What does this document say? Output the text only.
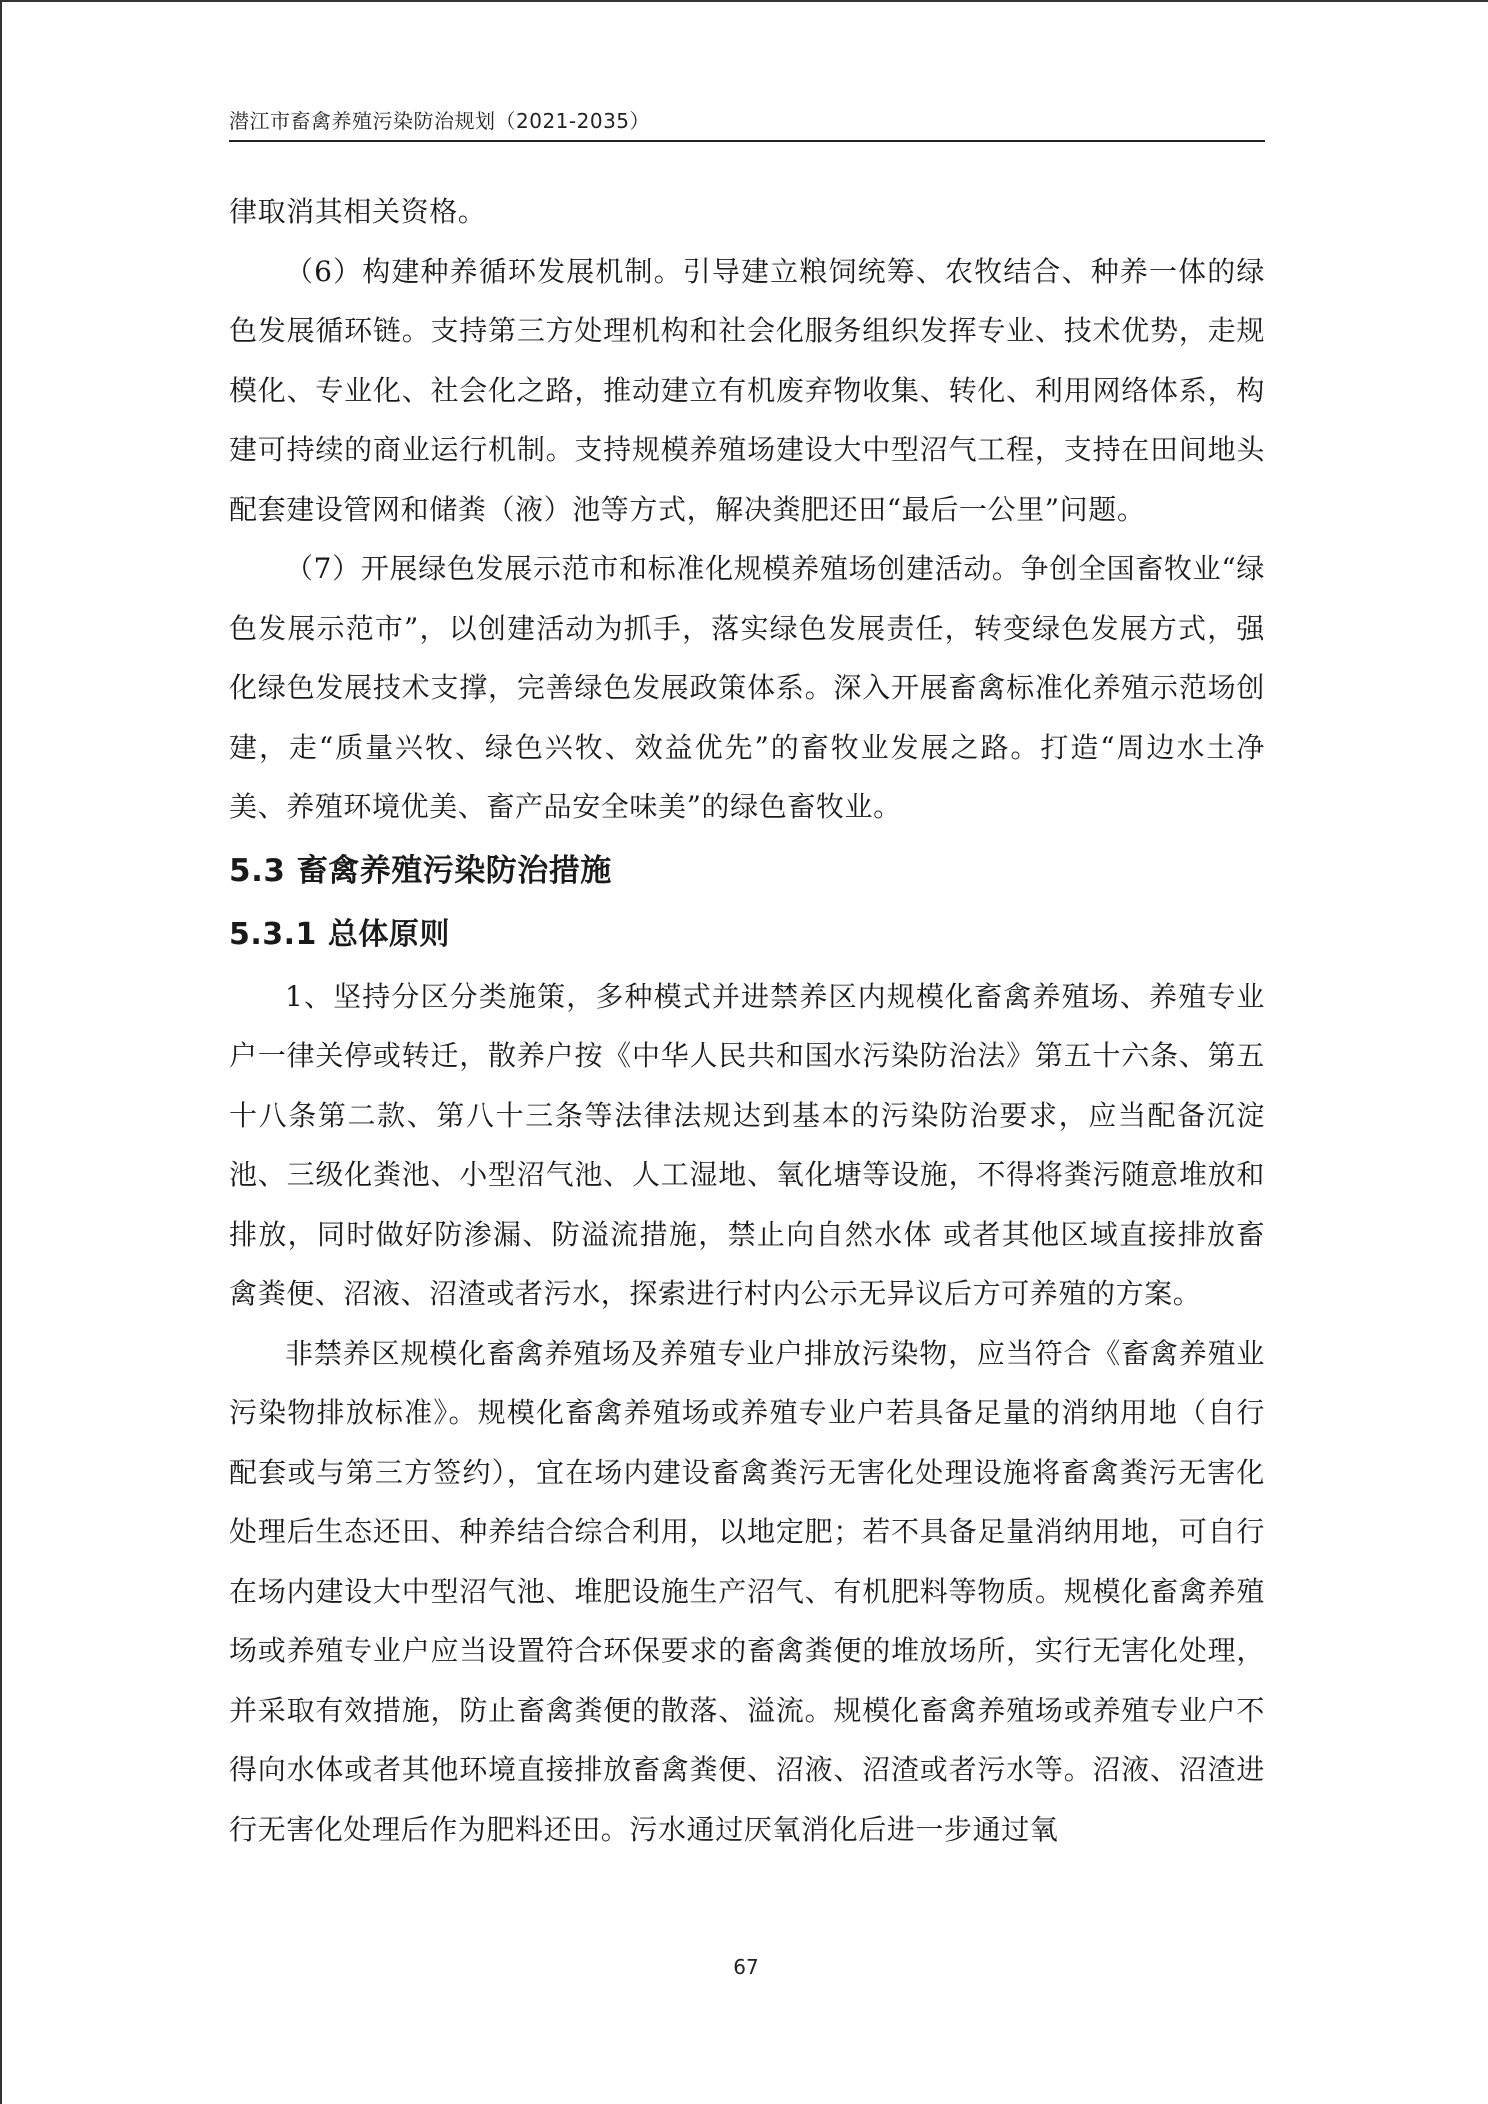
潜江市畜禽养殖污染防治规划（2021-2035）

律取消其相关资格。

（6）构建种养循环发展机制。引导建立粮饲统筹、农牧结合、种养一体的绿色发展循环链。支持第三方处理机构和社会化服务组织发挥专业、技术优势，走规模化、专业化、社会化之路，推动建立有机废弃物收集、转化、利用网络体系，构建可持续的商业运行机制。支持规模养殖场建设大中型沼气工程，支持在田间地头配套建设管网和储粪（液）池等方式，解决粪肥还田“最后一公里”问题。

（7）开展绿色发展示范市和标准化规模养殖场创建活动。争创全国畜牧业“绿色发展示范市”，以创建活动为抓手，落实绿色发展责任，转变绿色发展方式，强化绿色发展技术支撑，完善绿色发展政策体系。深入开展畜禽标准化养殖示范场创建，走“质量兴牧、绿色兴牧、效益优先”的畜牧业发展之路。打造“周边水土净美、养殖环境优美、畜产品安全味美”的绿色畜牧业。

5.3 畜禽养殖污染防治措施
5.3.1 总体原则

1、坚持分区分类施策，多种模式并进禁养区内规模化畜禽养殖场、养殖专业户一律关停或转迁，散养户按《中华人民共和国水污染防治法》第五十六条、第五十八条第二款、第八十三条等法律法规达到基本的污染防治要求，应当配备沉淀池、三级化粪池、小型沼气池、人工湿地、氧化塘等设施，不得将粪污随意堆放和排放，同时做好防渗漏、防溢流措施，禁止向自然水体 或者其他区域直接排放畜禽粪便、沼液、沼渣或者污水，探索进行村内公示无异议后方可养殖的方案。

非禁养区规模化畜禽养殖场及养殖专业户排放污染物，应当符合《畜禽养殖业污染物排放标准》。规模化畜禽养殖场或养殖专业户若具备足量的消纳用地（自行配套或与第三方签约），宜在场内建设畜禽粪污无害化处理设施将畜禽粪污无害化处理后生态还田、种养结合综合利用，以地定肥；若不具备足量消纳用地，可自行在场内建设大中型沼气池、堆肥设施生产沼气、有机肥料等物质。规模化畜禽养殖场或养殖专业户应当设置符合环保要求的畜禽粪便的堆放场所，实行无害化处理，并采取有效措施，防止畜禽粪便的散落、溢流。规模化畜禽养殖场或养殖专业户不得向水体或者其他环境直接排放畜禽粪便、沼液、沼渣或者污水等。沼液、沼渣进行无害化处理后作为肥料还田。污水通过厌氧消化后进一步通过氧

67
